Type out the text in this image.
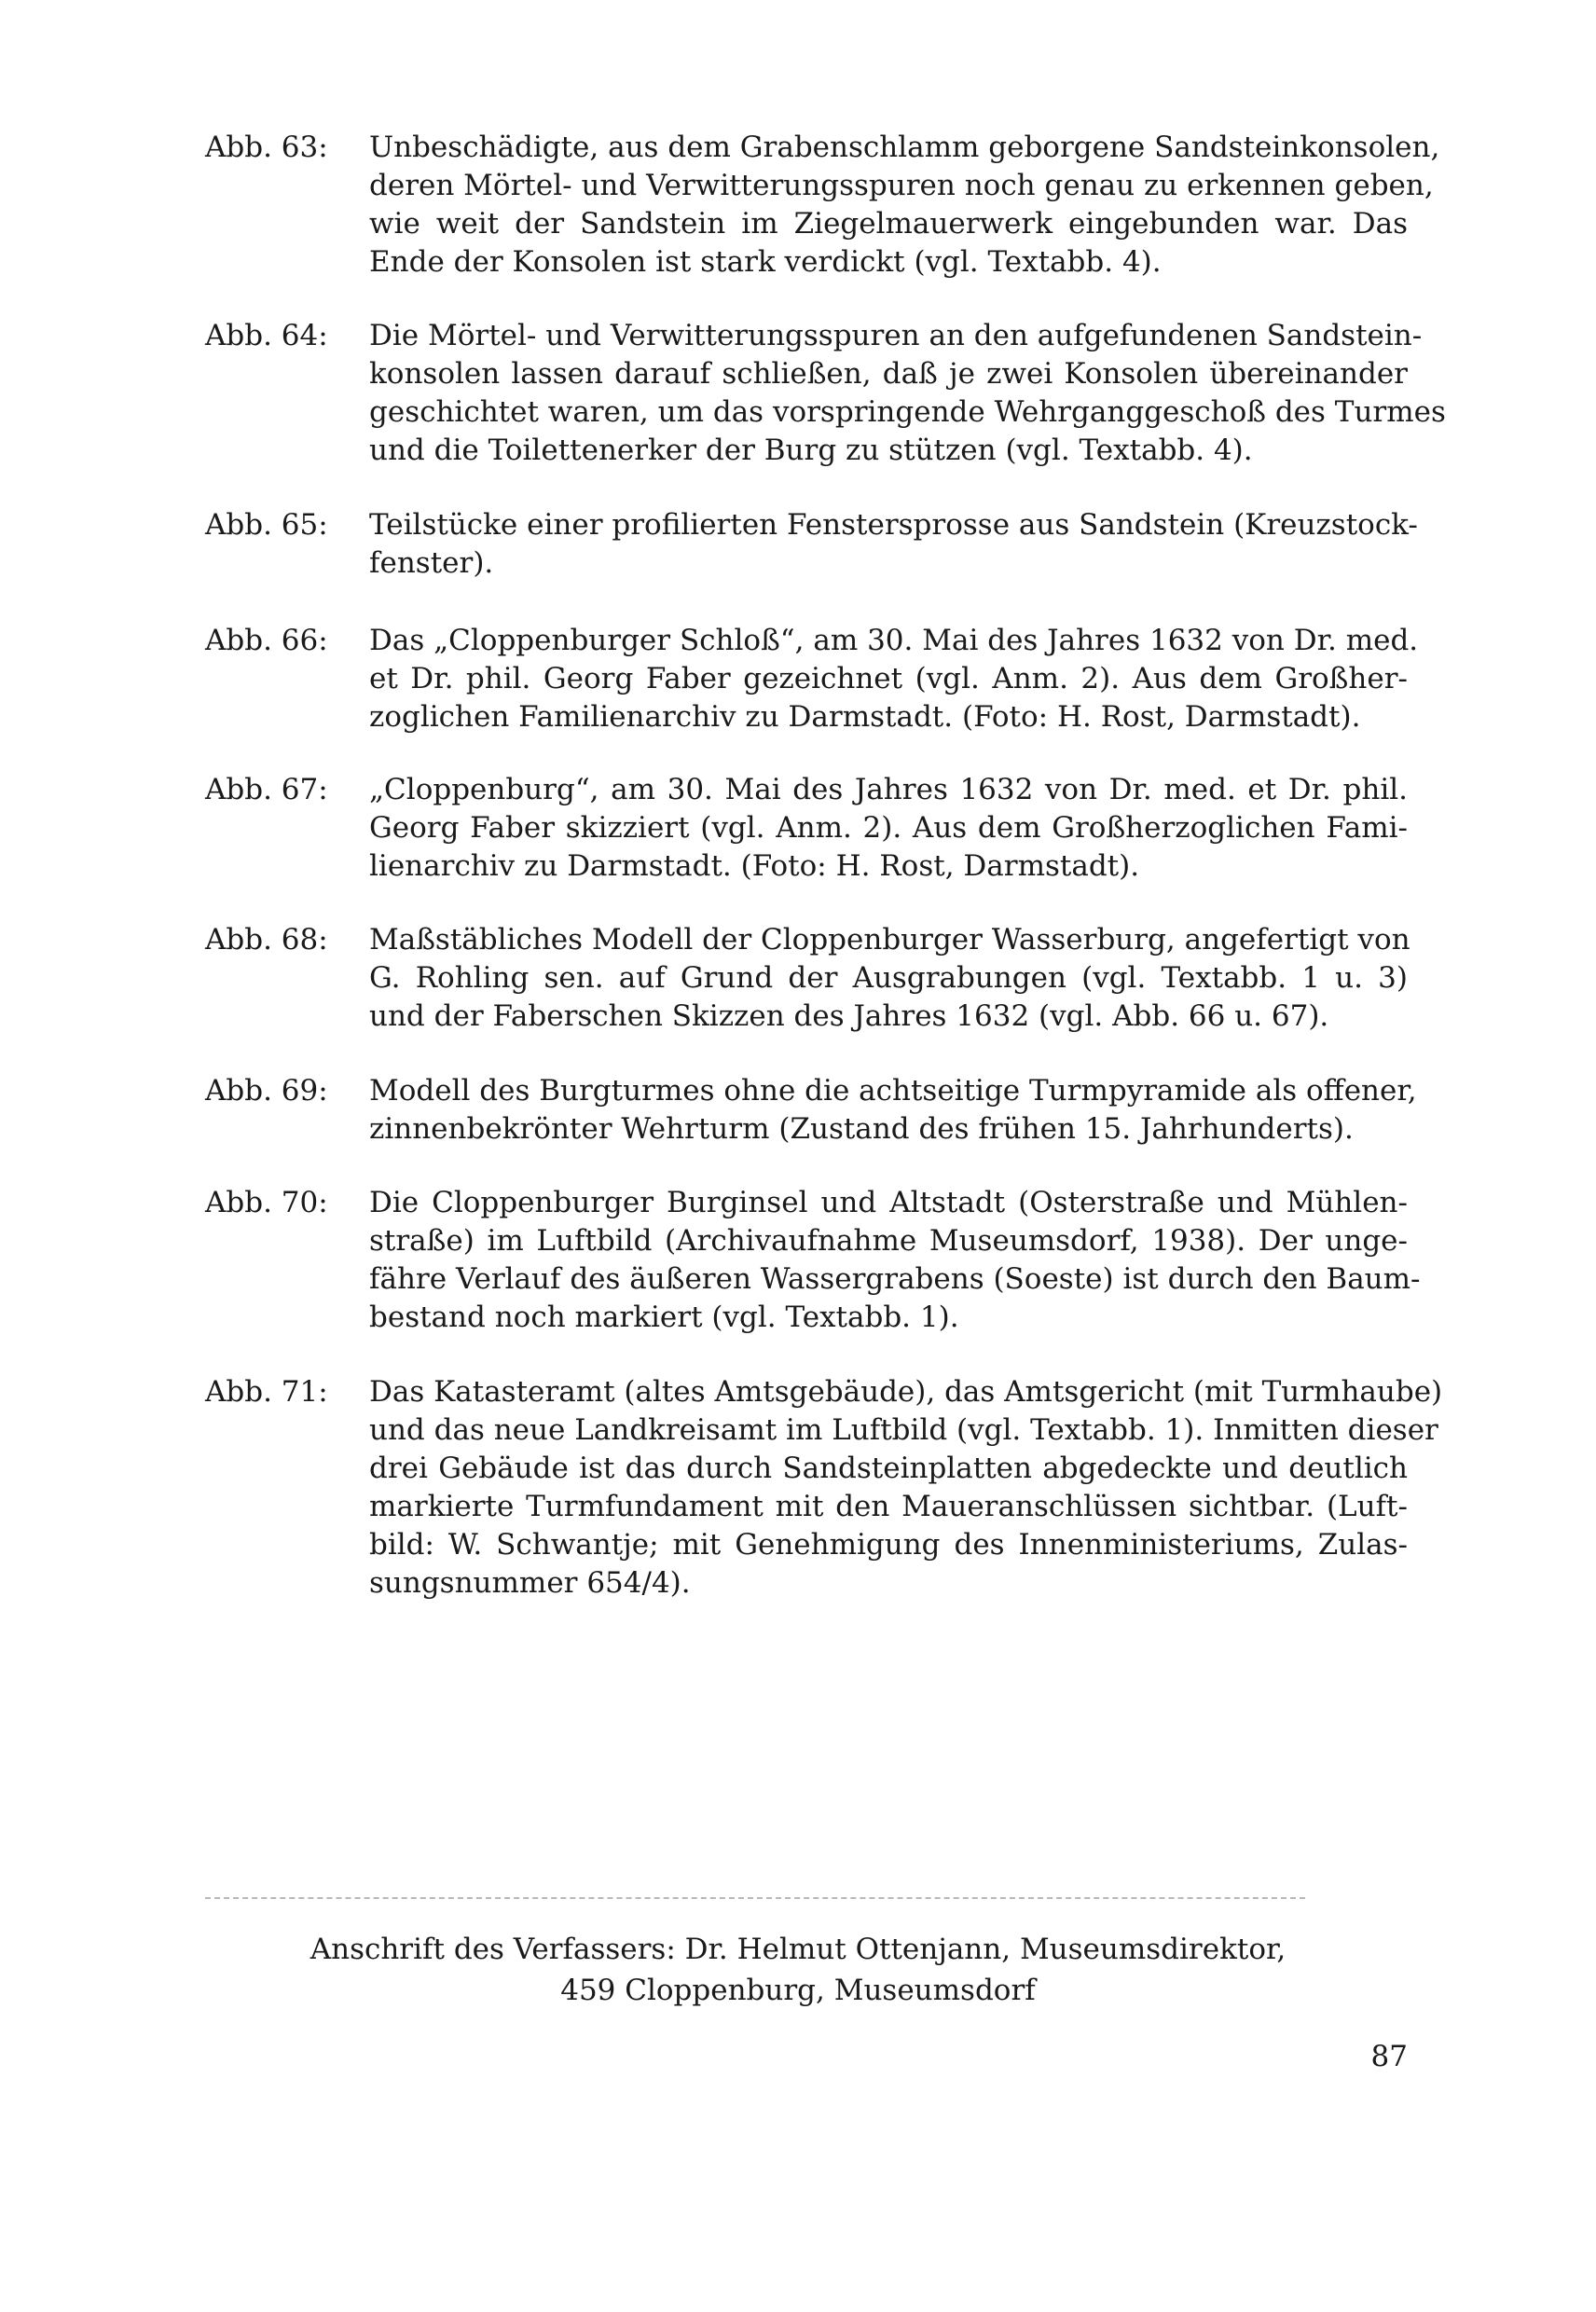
Abb. 63: Unbeschädigte, aus dem Grabenschlamm geborgene Sandsteinkonsolen,
deren Mörtel- und Verwitterungsspuren noch genau zu erkennen geben,
wie weit der Sandstein im Ziegelmauerwerk eingebunden war. Das
Ende der Konsolen ist stark verdickt (vgl. Textabb. 4).
Abb. 64: Die Mörtel- und Verwitterungsspuren an den aufgefundenen Sandstein-
konsolen lassen darauf schließen, daß je zwei Konsolen übereinander
geschichtet waren, um das vorspringende Wehrganggeschoß des Turmes
und die Toilettenerker der Burg zu stützen (vgl. Textabb. 4).
Abb. 65: Teilstücke einer profilierten Fenstersprosse aus Sandstein (Kreuzstock-
fenster).
Abb. 66: Das „Cloppenburger Schloß“, am 30. Mai des Jahres 1632 von Dr. med.
et Dr. phil. Georg Faber gezeichnet (vgl. Anm. 2). Aus dem Großher-
zoglichen Familienarchiv zu Darmstadt. (Foto: H. Rost, Darmstadt).
Abb. 67: „Cloppenburg“, am 30. Mai des Jahres 1632 von Dr. med. et Dr. phil.
Georg Faber skizziert (vgl. Anm. 2). Aus dem Großherzoglichen Fami-
lienarchiv zu Darmstadt. (Foto: H. Rost, Darmstadt).
Abb. 68: Maßstäbliches Modell der Cloppenburger Wasserburg, angefertigt von
G. Rohling sen. auf Grund der Ausgrabungen (vgl. Textabb. 1 u. 3)
und der Faberschen Skizzen des Jahres 1632 (vgl. Abb. 66 u. 67).
Abb. 69: Modell des Burgturmes ohne die achtseitige Turmpyramide als offener,
zinnenbekrönter Wehrturm (Zustand des frühen 15. Jahrhunderts).
Abb. 70: Die Cloppenburger Burginsel und Altstadt (Osterstraße und Mühlen-
straße) im Luftbild (Archivaufnahme Museumsdorf, 1938). Der unge-
fähre Verlauf des äußeren Wassergrabens (Soeste) ist durch den Baum-
bestand noch markiert (vgl. Textabb. 1).
Abb. 71: Das Katasteramt (altes Amtsgebäude), das Amtsgericht (mit Turmhaube)
und das neue Landkreisamt im Luftbild (vgl. Textabb. 1). Inmitten dieser
drei Gebäude ist das durch Sandsteinplatten abgedeckte und deutlich
markierte Turmfundament mit den Maueranschlüssen sichtbar. (Luft-
bild: W. Schwantje; mit Genehmigung des Innenministeriums, Zulas-
sungsnummer 654/4).
Anschrift des Verfassers: Dr. Helmut Ottenjann, Museumsdirektor,
459 Cloppenburg, Museumsdorf
87
